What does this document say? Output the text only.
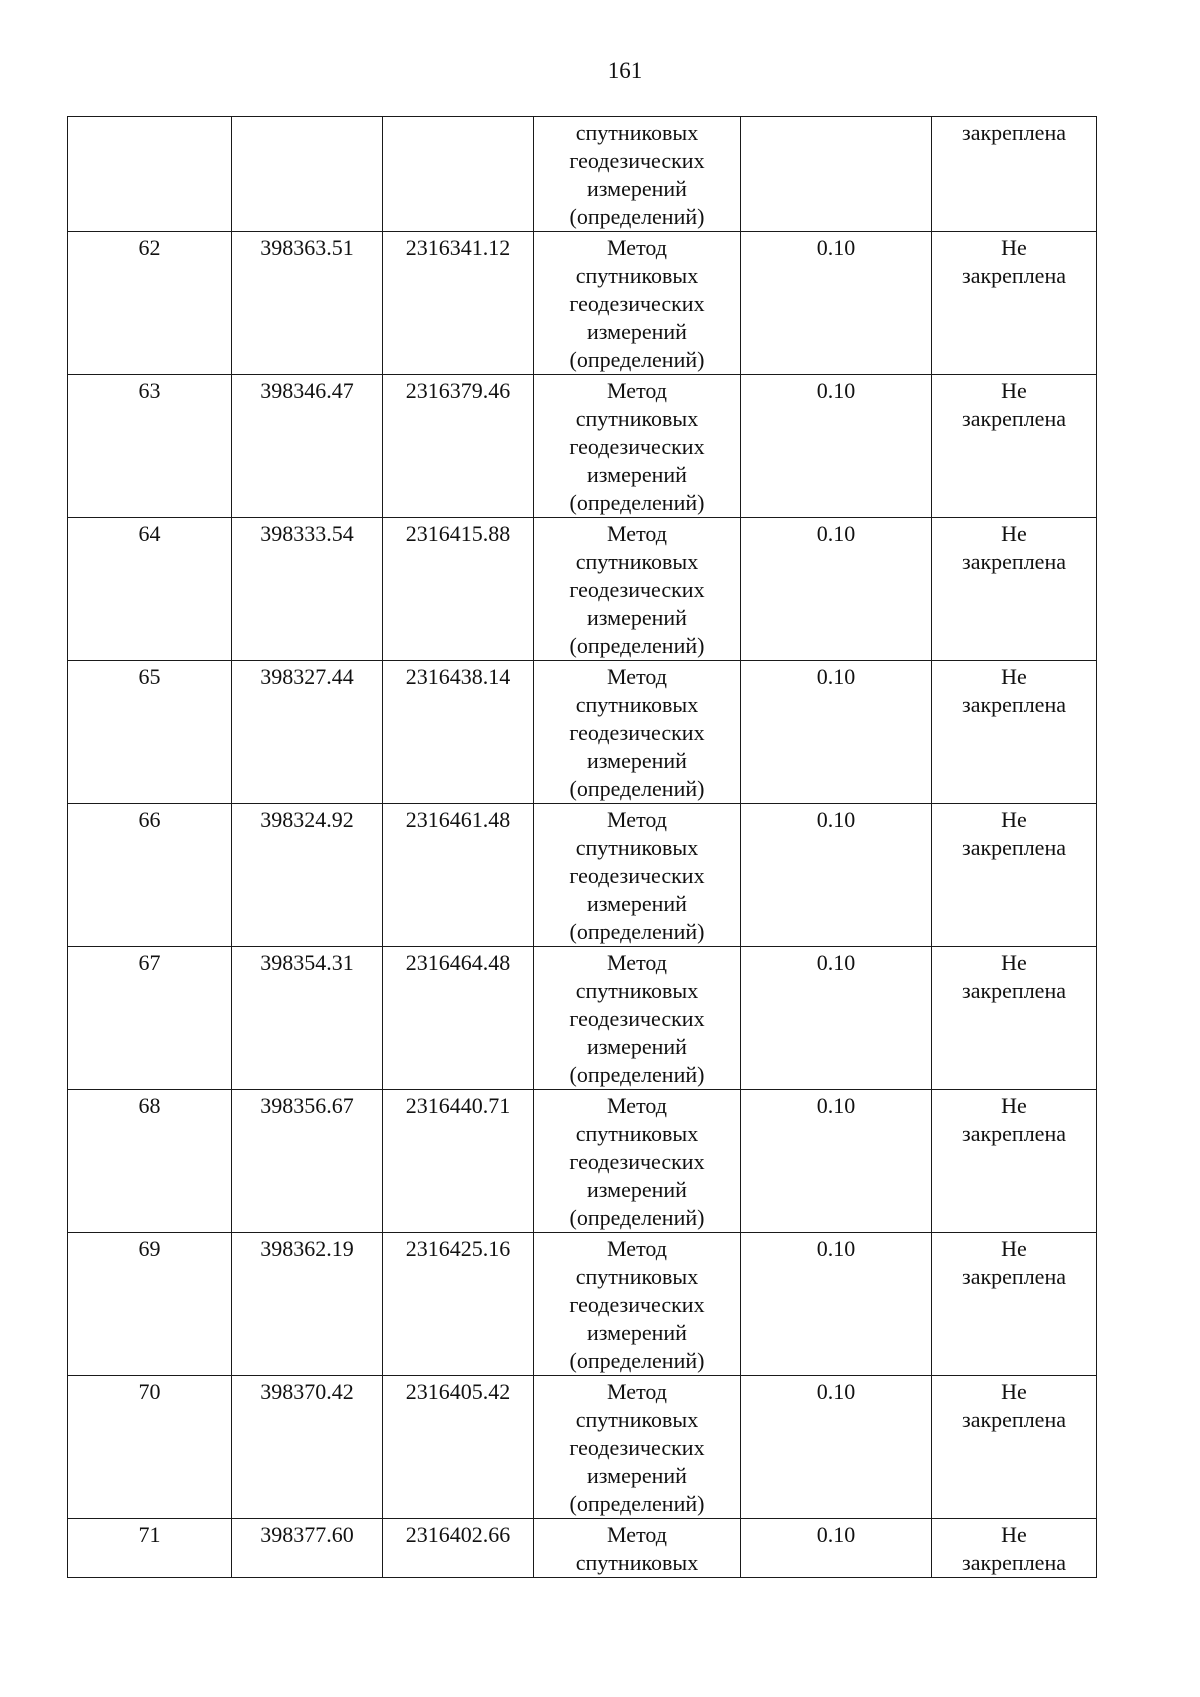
161

			спутниковых
геодезических
измерений
(определений)		закреплена

62	398363.51	2316341.12	Метод
спутниковых
геодезических
измерений
(определений)	0.10	Не
закреплена

63	398346.47	2316379.46	Метод
спутниковых
геодезических
измерений
(определений)	0.10	Не
закреплена

64	398333.54	2316415.88	Метод
спутниковых
геодезических
измерений
(определений)	0.10	Не
закреплена

65	398327.44	2316438.14	Метод
спутниковых
геодезических
измерений
(определений)	0.10	Не
закреплена

66	398324.92	2316461.48	Метод
спутниковых
геодезических
измерений
(определений)	0.10	Не
закреплена

67	398354.31	2316464.48	Метод
спутниковых
геодезических
измерений
(определений)	0.10	Не
закреплена

68	398356.67	2316440.71	Метод
спутниковых
геодезических
измерений
(определений)	0.10	Не
закреплена

69	398362.19	2316425.16	Метод
спутниковых
геодезических
измерений
(определений)	0.10	Не
закреплена

70	398370.42	2316405.42	Метод
спутниковых
геодезических
измерений
(определений)	0.10	Не
закреплена

71	398377.60	2316402.66	Метод
спутниковых	0.10	Не
закреплена
